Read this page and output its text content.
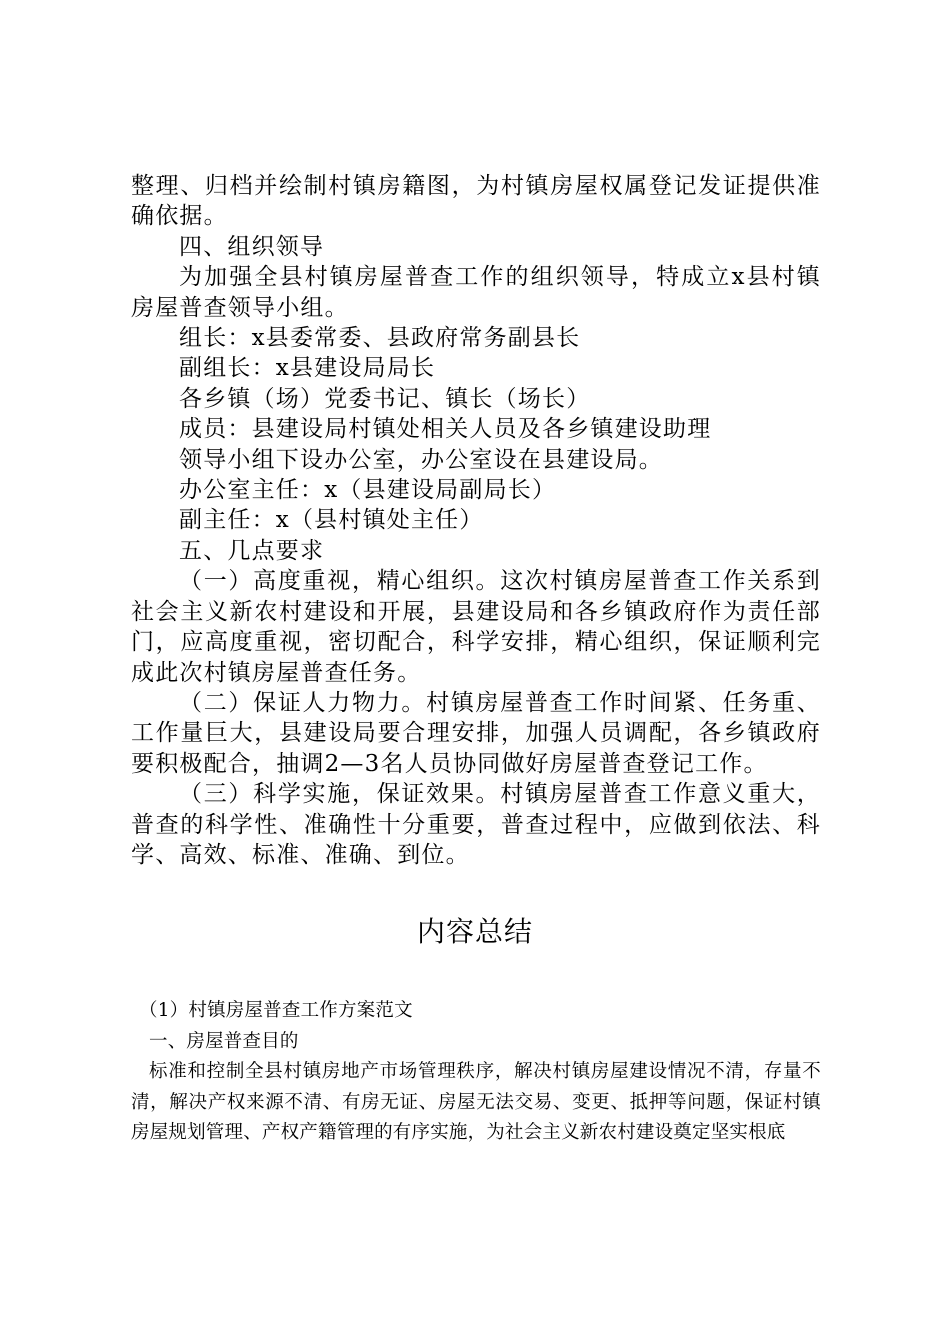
整理、归档并绘制村镇房籍图，为村镇房屋权属登记发证提供准确依据。

四、组织领导

为加强全县村镇房屋普查工作的组织领导，特成立x县村镇房屋普查领导小组。

组长：x县委常委、县政府常务副县长

副组长：x县建设局局长

各乡镇（场）党委书记、镇长（场长）

成员：县建设局村镇处相关人员及各乡镇建设助理

领导小组下设办公室，办公室设在县建设局。

办公室主任：x（县建设局副局长）

副主任：x（县村镇处主任）

五、几点要求

（一）高度重视，精心组织。这次村镇房屋普查工作关系到社会主义新农村建设和开展，县建设局和各乡镇政府作为责任部门，应高度重视，密切配合，科学安排，精心组织，保证顺利完成此次村镇房屋普查任务。

（二）保证人力物力。村镇房屋普查工作时间紧、任务重、工作量巨大，县建设局要合理安排，加强人员调配，各乡镇政府要积极配合，抽调2—3名人员协同做好房屋普查登记工作。

（三）科学实施，保证效果。村镇房屋普查工作意义重大，普查的科学性、准确性十分重要，普查过程中，应做到依法、科学、高效、标准、准确、到位。

内容总结

（1）村镇房屋普查工作方案范文

一、房屋普查目的

标准和控制全县村镇房地产市场管理秩序，解决村镇房屋建设情况不清，存量不清，解决产权来源不清、有房无证、房屋无法交易、变更、抵押等问题，保证村镇房屋规划管理、产权产籍管理的有序实施，为社会主义新农村建设奠定坚实根底
